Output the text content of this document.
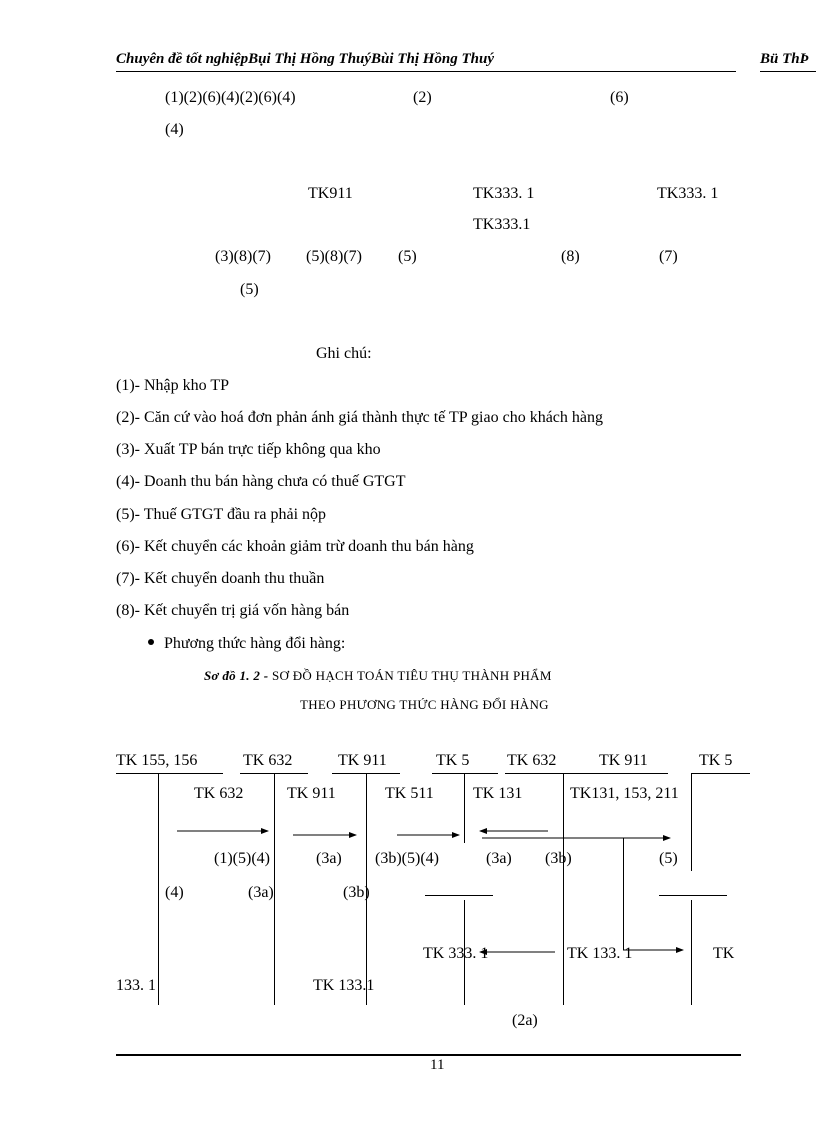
Chuyên đề tốt nghiệpBụi Thị Hồng ThuýBùi Thị Hồng Thuý	Bü ThÞ
(1)(2)(6)(4)(2)(6)(4)	(2)	(6)
(4)
TK911	TK333. 1	TK333. 1
TK333.1
(3)(8)(7) (5)(8)(7) (5)	(8)	(7)
(5)
Ghi chú:
(1)- Nhập kho TP
(2)- Căn cứ vào hoá đơn phản ánh giá thành thực tế TP giao cho khách hàng
(3)- Xuất TP bán trực tiếp không qua kho
(4)- Doanh thu bán hàng chưa có thuế GTGT
(5)- Thuế GTGT đầu ra phải nộp
(6)- Kết chuyển các khoản giảm trừ doanh thu bán hàng
(7)- Kết chuyển doanh thu thuần
(8)- Kết chuyển trị giá vốn hàng bán
Phương thức hàng đổi hàng:
Sơ đồ 1. 2 - SƠ ĐỒ HẠCH TOÁN TIÊU THỤ THÀNH PHẨM
THEO PHƯƠNG THỨC HÀNG ĐỔI HÀNG
TK 155, 156	TK 632	TK 911	TK 5 TK 632	TK 911	TK 5
TK 632	TK 911	TK 511 TK 131	TK131, 153, 211
(1)(5)(4)	(3a) (3b)(5)(4)	(3a) (3b)	(5)
(4)	(3a)	(3b)
TK 333. 1	TK 133. 1	TK
133. 1	TK 133.1
(2a)
11
